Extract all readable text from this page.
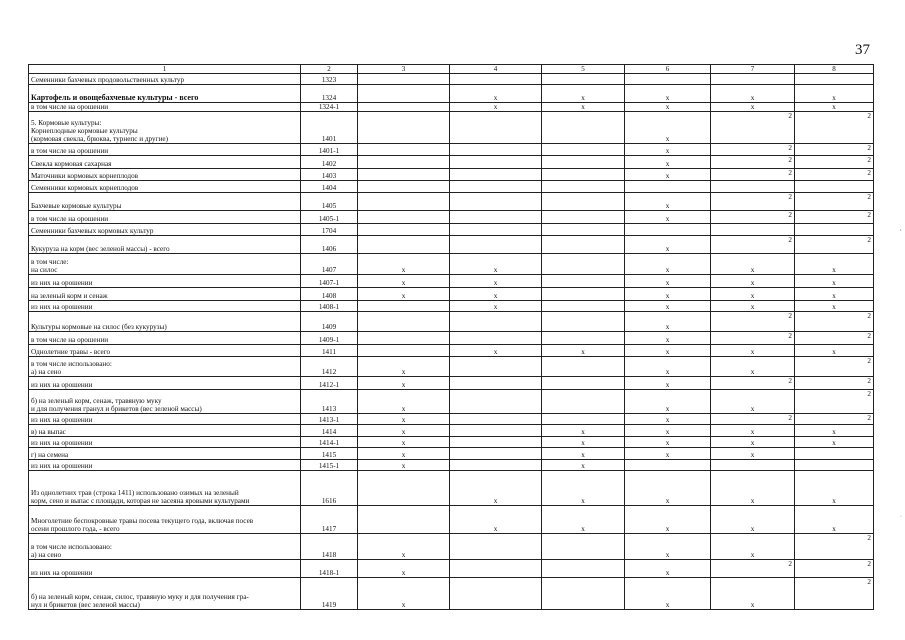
37
1	2	3	4	5	6	7	8
Семенники бахчевых продовольственных культур	1323						
Картофель и овощебахчевые культуры - всего	1324		x	x	x	x	x
в том числе на орошении	1324-1		x	x	x	x	x
5. Кормовые культуры:
Корнеплодные кормовые культуры
(кормовая свекла, брюква, турнепс и другие)	1401				x	2	2
в том числе на орошении	1401-1				x	2	2
Свекла кормовая сахарная	1402				x	2	2
Маточники кормовых корнеплодов	1403				x	2	2
Семенники кормовых корнеплодов	1404						
Бахчевые кормовые культуры	1405				x	2	2
в том числе на орошении	1405-1				x	2	2
Семенники бахчевых кормовых культур	1704						
Кукуруза на корм (вес зеленой массы) - всего	1406				x	2	2
в том числе:
на силос	1407	x	x		x	x	x
из них на орошении	1407-1	x	x		x	x	x
на зеленый корм и сенаж	1408	x	x		x	x	x
из них на орошении	1408-1		x		x	x	x
Культуры кормовые на силос (без кукурузы)	1409				x	2	2
в том числе на орошении	1409-1				x	2	2
Однолетние травы - всего	1411		x	x	x	x	x
в том числе использовано:
а) на сено	1412	x			x	x	2
из них на орошении	1412-1	x			x	2	2
б) на зеленый корм, сенаж, травяную муку
и для получения гранул и брикетов (вес зеленой массы)	1413	x			x	x	2
из них на орошении	1413-1	x			x	2	2
в) на выпас	1414	x		x	x	x	x
из них на орошении	1414-1	x		x	x	x	x
г) на семена	1415	x		x	x	x	
из них на орошении	1415-1	x		x			
Из однолетних трав (строка 1411) использовано озимых на зеленый
корм, сено и выпас с площади, которая не засеяна яровыми культурами	1616		x	x	x	x	x
Многолетние беспокровные травы посева текущего года, включая посев
осени прошлого года, - всего	1417		x	x	x	x	x
в том числе использовано:
а) на сено	1418	x			x	x	2
из них на орошении	1418-1	x			x	2	2
б) на зеленый корм, сенаж, силос, травяную муку и для получения гра-
нул и брикетов (вес зеленой массы)	1419	x			x	x	2
,
·
